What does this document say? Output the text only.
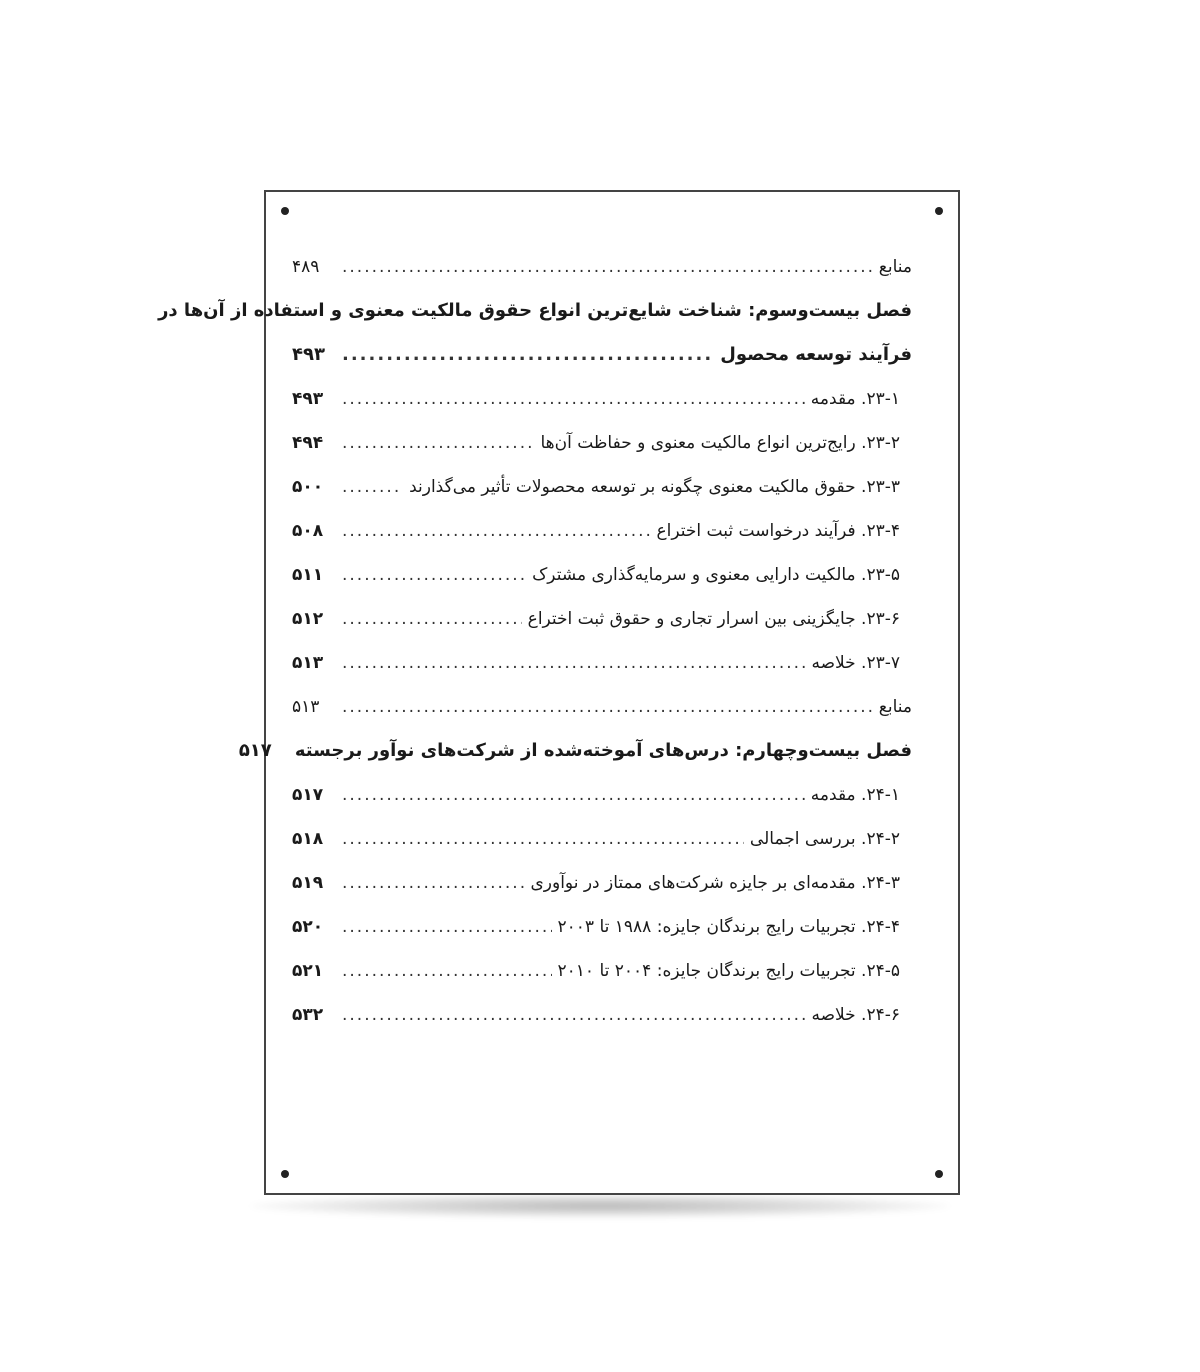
منابع
.....
۴۸۹
فصل بیست‌وسوم: شناخت شایع‌ترین انواع حقوق مالکیت معنوی و استفاده از آن‌ها در
فرآیند توسعه محصول
.....
۴۹۳
۲۳-۱. مقدمه
.....
۴۹۳
۲۳-۲. رایج‌ترین انواع مالکیت معنوی و حفاظت آن‌ها
.....
۴۹۴
۲۳-۳. حقوق مالکیت معنوی چگونه بر توسعه محصولات تأثیر می‌گذارند
.....
۵۰۰
۲۳-۴. فرآیند درخواست ثبت اختراع
.....
۵۰۸
۲۳-۵. مالکیت دارایی معنوی و سرمایه‌گذاری مشترک
.....
۵۱۱
۲۳-۶. جایگزینی بین اسرار تجاری و حقوق ثبت اختراع
.....
۵۱۲
۲۳-۷. خلاصه
.....
۵۱۳
منابع
.....
۵۱۳
فصل بیست‌وچهارم: درس‌های آموخته‌شده از شرکت‌های نوآور برجسته
۵۱۷
۲۴-۱. مقدمه
.....
۵۱۷
۲۴-۲. بررسی اجمالی
.....
۵۱۸
۲۴-۳. مقدمه‌ای بر جایزه شرکت‌های ممتاز در نوآوری
.....
۵۱۹
۲۴-۴. تجربیات رایج برندگان جایزه: ۱۹۸۸ تا ۲۰۰۳
.....
۵۲۰
۲۴-۵. تجربیات رایج برندگان جایزه: ۲۰۰۴ تا ۲۰۱۰
.....
۵۲۱
۲۴-۶. خلاصه
.....
۵۳۲
